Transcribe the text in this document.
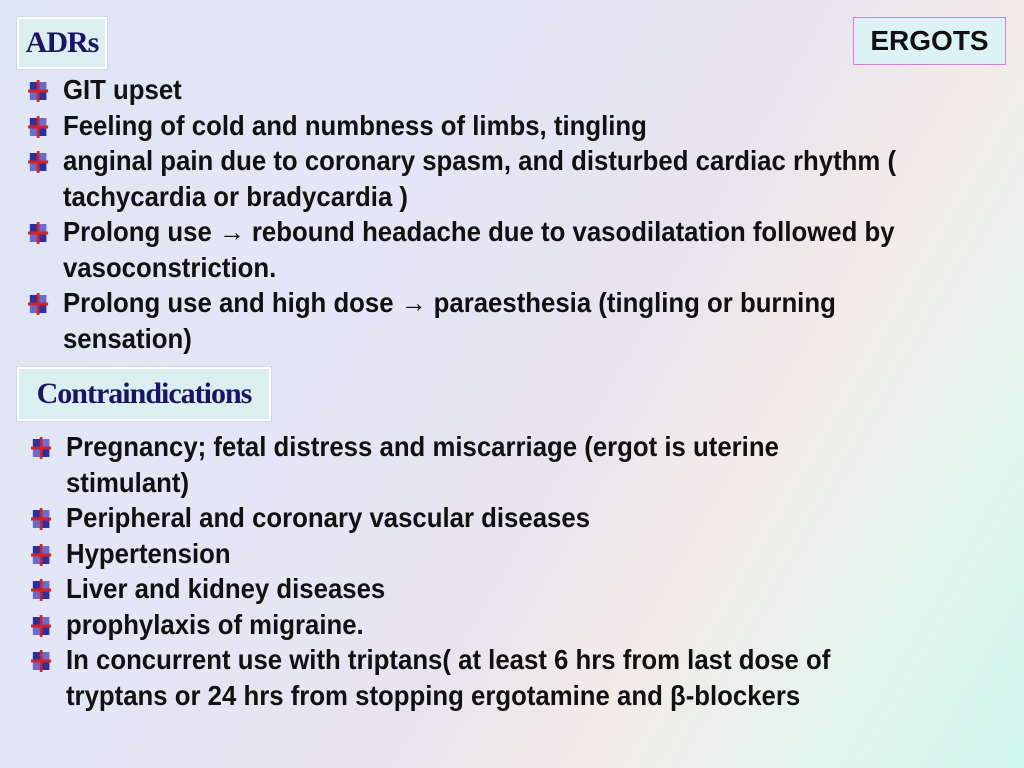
ADRs	ERGOTS
GIT upset
Feeling of cold and numbness of limbs, tingling
anginal pain due to coronary spasm, and disturbed cardiac rhythm ( tachycardia or bradycardia )
Prolong use → rebound headache due to vasodilatation followed by vasoconstriction.
Prolong use and high dose → paraesthesia (tingling or burning sensation)
Contraindications
Pregnancy; fetal distress and miscarriage (ergot is uterine stimulant)
Peripheral and coronary vascular diseases
Hypertension
Liver and kidney diseases
prophylaxis of migraine.
In concurrent use with triptans( at least 6 hrs from last dose of tryptans or 24 hrs from stopping ergotamine and β-blockers
